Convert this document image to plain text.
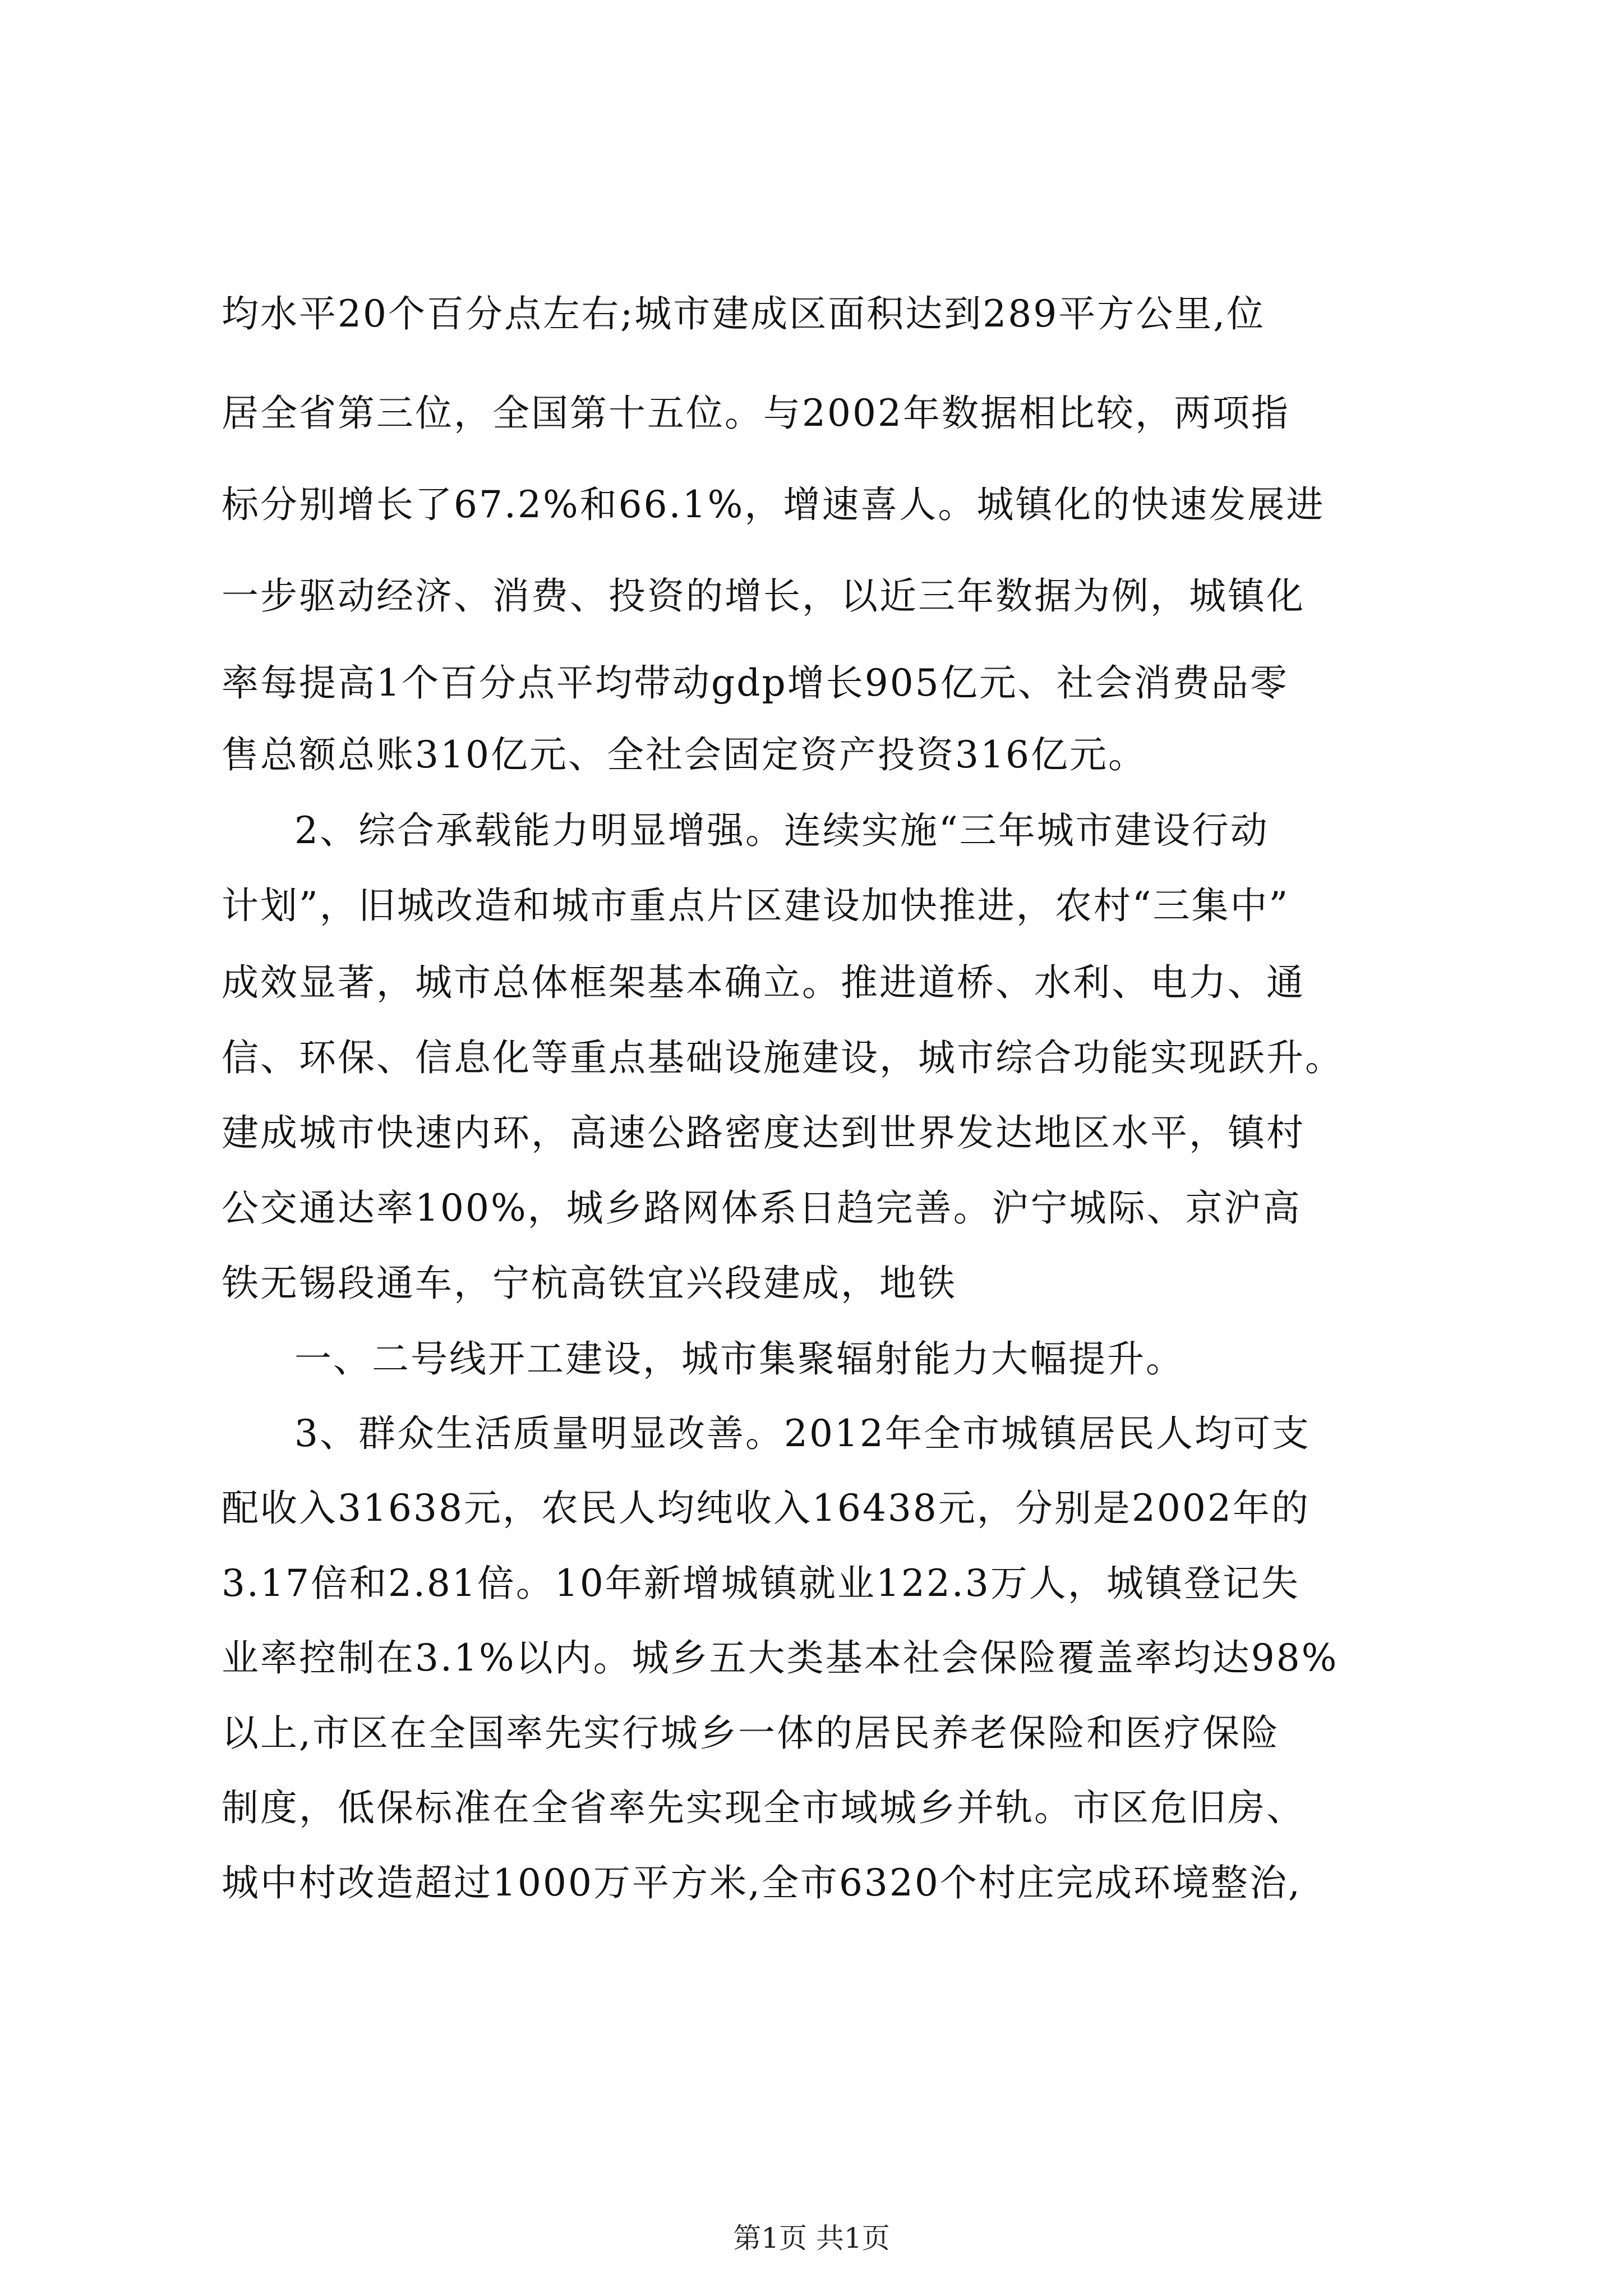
均水平20个百分点左右;城市建成区面积达到289平方公里,位
居全省第三位，全国第十五位。与2002年数据相比较，两项指
标分别增长了67.2%和66.1%，增速喜人。城镇化的快速发展进
一步驱动经济、消费、投资的增长，以近三年数据为例，城镇化
率每提高1个百分点平均带动gdp增长905亿元、社会消费品零
售总额总账310亿元、全社会固定资产投资316亿元。
2、综合承载能力明显增强。连续实施“三年城市建设行动
计划”，旧城改造和城市重点片区建设加快推进，农村“三集中”
成效显著，城市总体框架基本确立。推进道桥、水利、电力、通
信、环保、信息化等重点基础设施建设，城市综合功能实现跃升。
建成城市快速内环，高速公路密度达到世界发达地区水平，镇村
公交通达率100%，城乡路网体系日趋完善。沪宁城际、京沪高
铁无锡段通车，宁杭高铁宜兴段建成，地铁
一、二号线开工建设，城市集聚辐射能力大幅提升。
3、群众生活质量明显改善。2012年全市城镇居民人均可支
配收入31638元，农民人均纯收入16438元，分别是2002年的
3.17倍和2.81倍。10年新增城镇就业122.3万人，城镇登记失
业率控制在3.1%以内。城乡五大类基本社会保险覆盖率均达98%
以上,市区在全国率先实行城乡一体的居民养老保险和医疗保险
制度，低保标准在全省率先实现全市域城乡并轨。市区危旧房、
城中村改造超过1000万平方米,全市6320个村庄完成环境整治,
第1页 共1页
